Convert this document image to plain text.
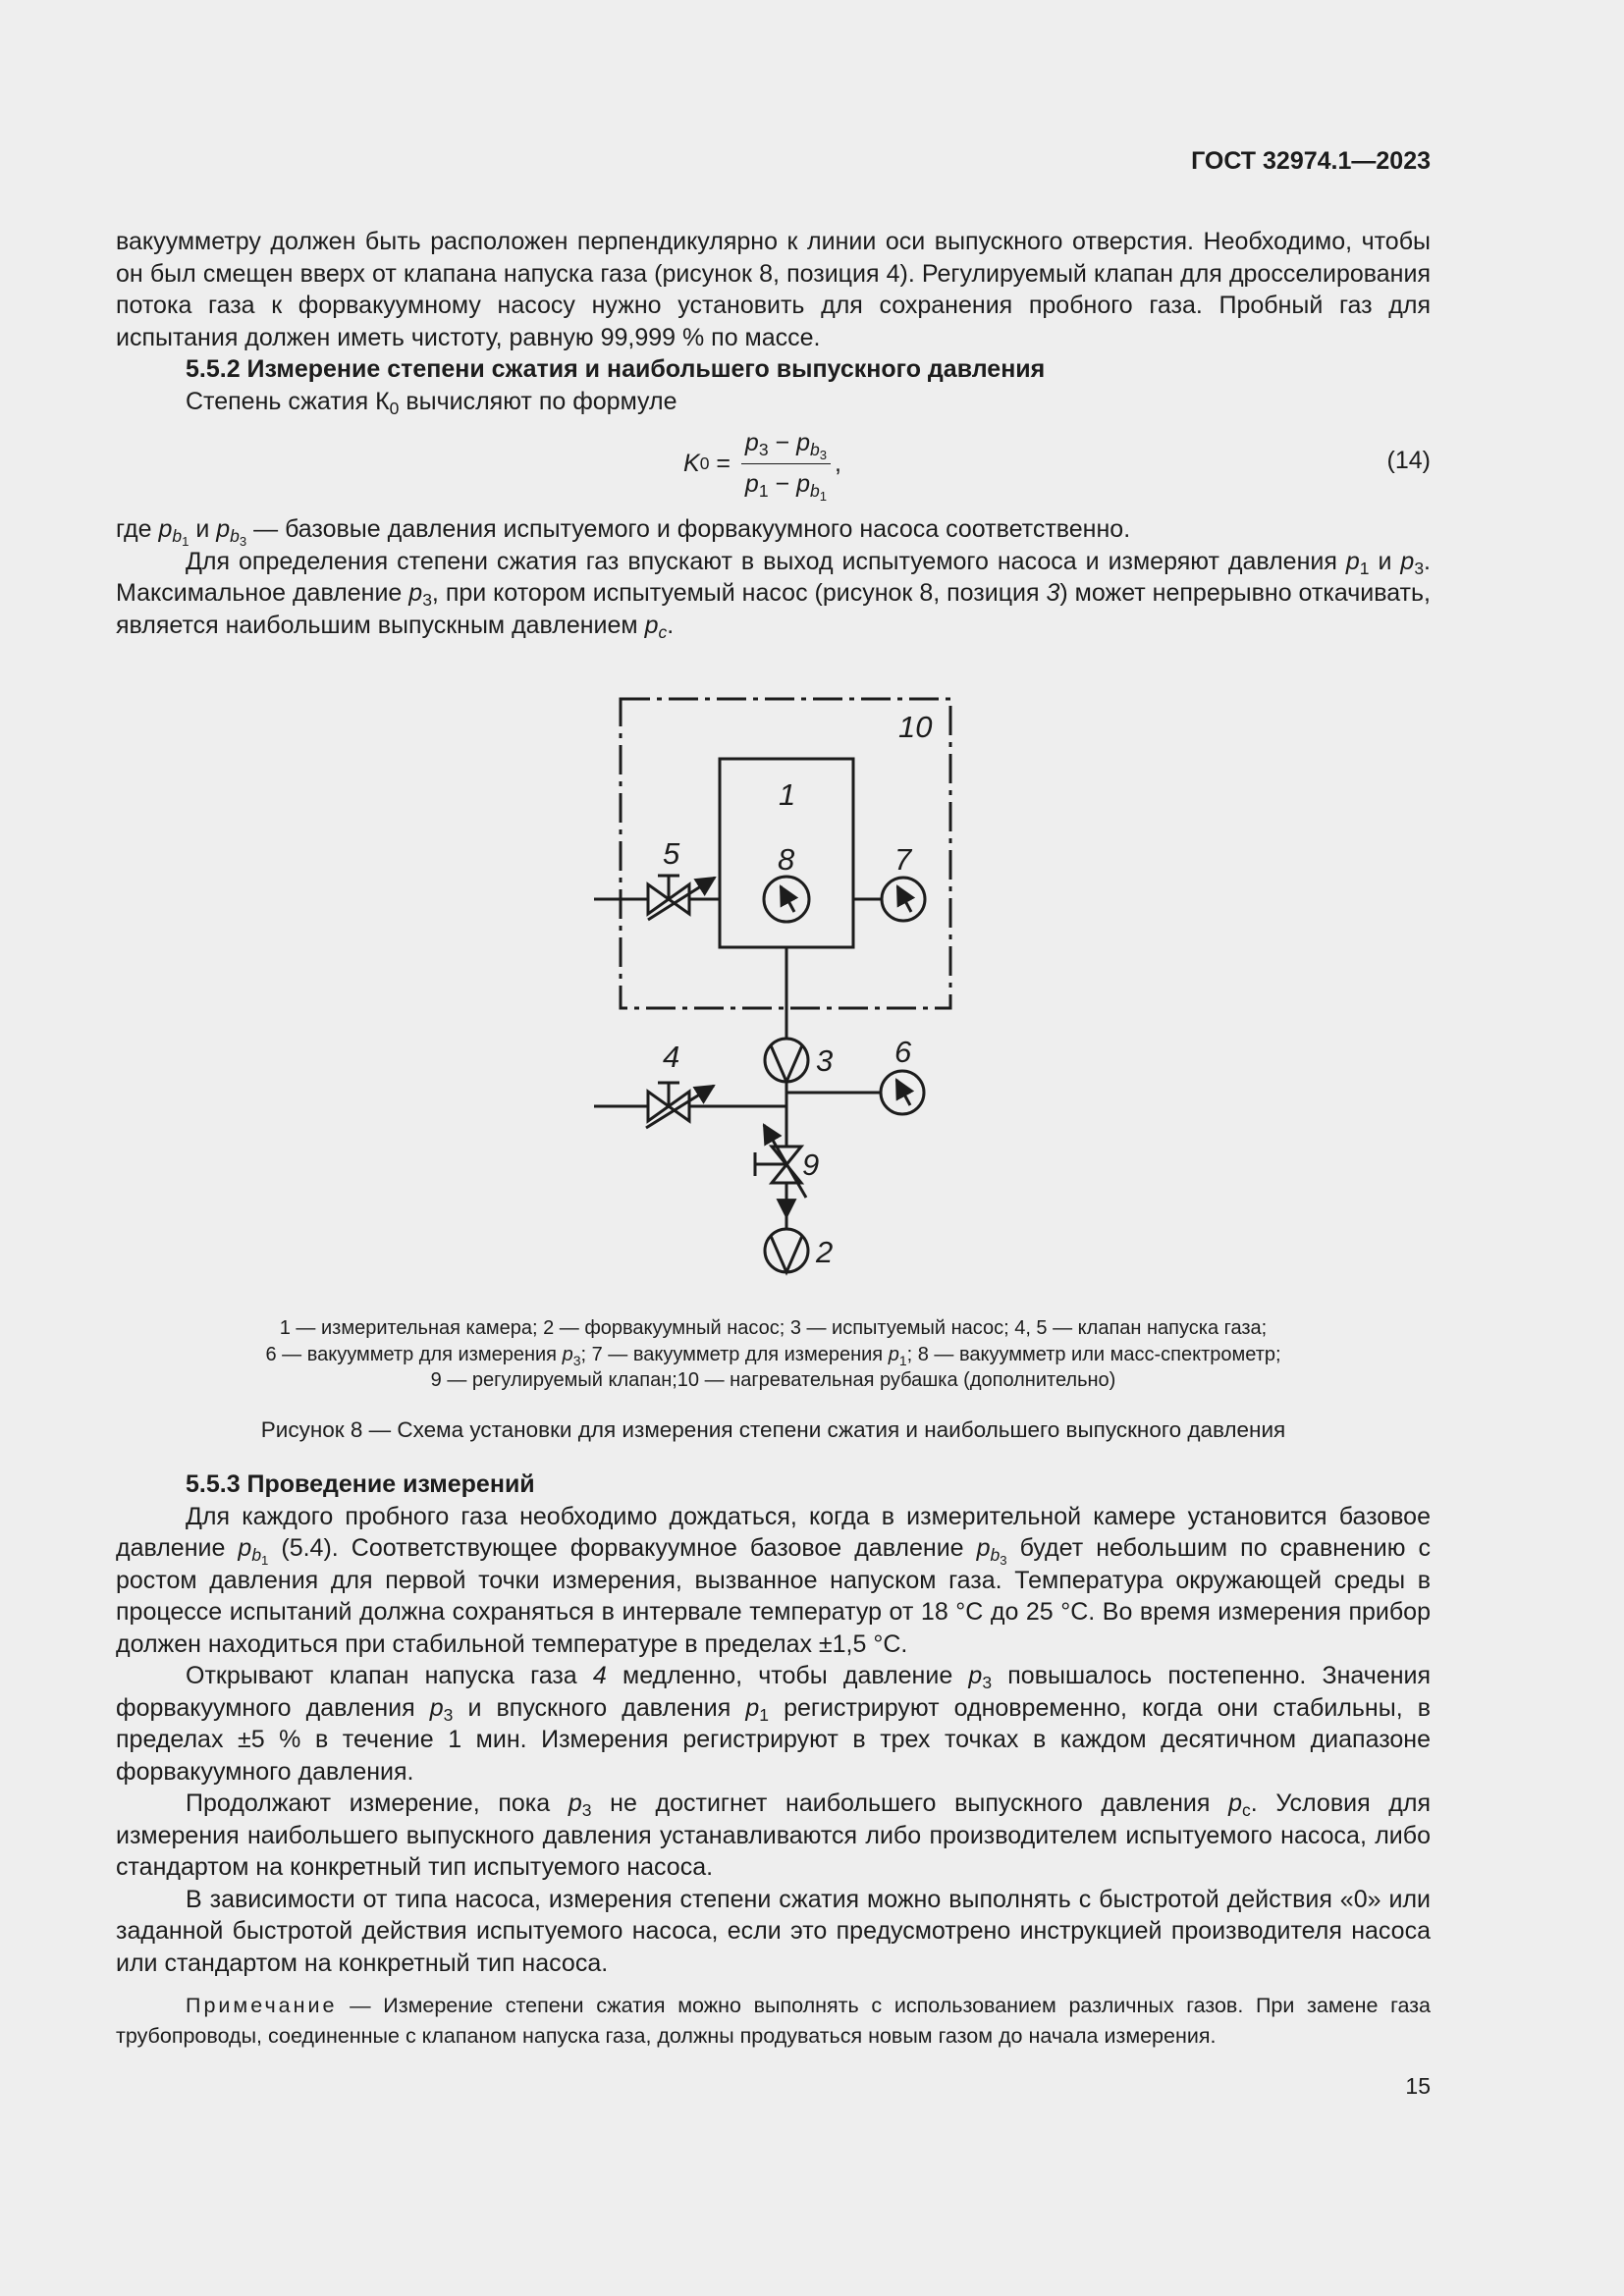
ГОСТ 32974.1—2023

вакуумметру должен быть расположен перпендикулярно к линии оси выпускного отверстия. Необходимо, чтобы он был смещен вверх от клапана напуска газа (рисунок 8, позиция 4). Регулируемый клапан для дросселирования потока газа к форвакуумному насосу нужно установить для сохранения пробного газа. Пробный газ для испытания должен иметь чистоту, равную 99,999 % по массе.

5.5.2 Измерение степени сжатия и наибольшего выпускного давления

Степень сжатия $К_0$ вычисляют по формуле

K $0 = \frac{p_3 - p_{b_3}}{p_1 - p_{b_1}}$ ,	(14)

где $p_{b_1}$ и $p_{b_3}$ — базовые давления испытуемого и форвакуумного насоса соответственно.

Для определения степени сжатия газ впускают в выход испытуемого насоса и измеряют давления $p_1$ и $p_3$. Максимальное давление $p_3$, при котором испытуемый насос (рисунок 8, позиция 3) может непрерывно откачивать, является наибольшим выпускным давлением $p_c$.

10
1
5	8	7
3
4	6
9
2
1 — измерительная камера; 2 — форвакуумный насос; 3 — испытуемый насос; 4, 5 — клапан напуска газа;
6 — вакуумметр для измерения $p_3$; 7 — вакуумметр для измерения $p_1$; 8 — вакуумметр или масс-спектрометр;
9 — регулируемый клапан;10 — нагревательная рубашка (дополнительно)
Рисунок 8 — Схема установки для измерения степени сжатия и наибольшего выпускного давления

5.5.3 Проведение измерений

Для каждого пробного газа необходимо дождаться, когда в измерительной камере установится базовое давление $p_{b_1}$ (5.4). Соответствующее форвакуумное базовое давление $p_{b_3}$ будет небольшим по сравнению с ростом давления для первой точки измерения, вызванное напуском газа. Температура окружающей среды в процессе испытаний должна сохраняться в интервале температур от 18 °С до 25 °С. Во время измерения прибор должен находиться при стабильной температуре в пределах ±1,5 °С.

Открывают клапан напуска газа 4 медленно, чтобы давление $p_3$ повышалось постепенно. Значения форвакуумного давления $p_3$ и впускного давления $p_1$ регистрируют одновременно, когда они стабильны, в пределах ±5 % в течение 1 мин. Измерения регистрируют в трех точках в каждом десятичном диапазоне форвакуумного давления.

Продолжают измерение, пока $p_3$ не достигнет наибольшего выпускного давления $p_c$. Условия для измерения наибольшего выпускного давления устанавливаются либо производителем испытуемого насоса, либо стандартом на конкретный тип испытуемого насоса.

В зависимости от типа насоса, измерения степени сжатия можно выполнять с быстротой действия «0» или заданной быстротой действия испытуемого насоса, если это предусмотрено инструкцией производителя насоса или стандартом на конкретный тип насоса.

Примечание — Измерение степени сжатия можно выполнять с использованием различных газов. При замене газа трубопроводы, соединенные с клапаном напуска газа, должны продуваться новым газом до начала измерения.

15
